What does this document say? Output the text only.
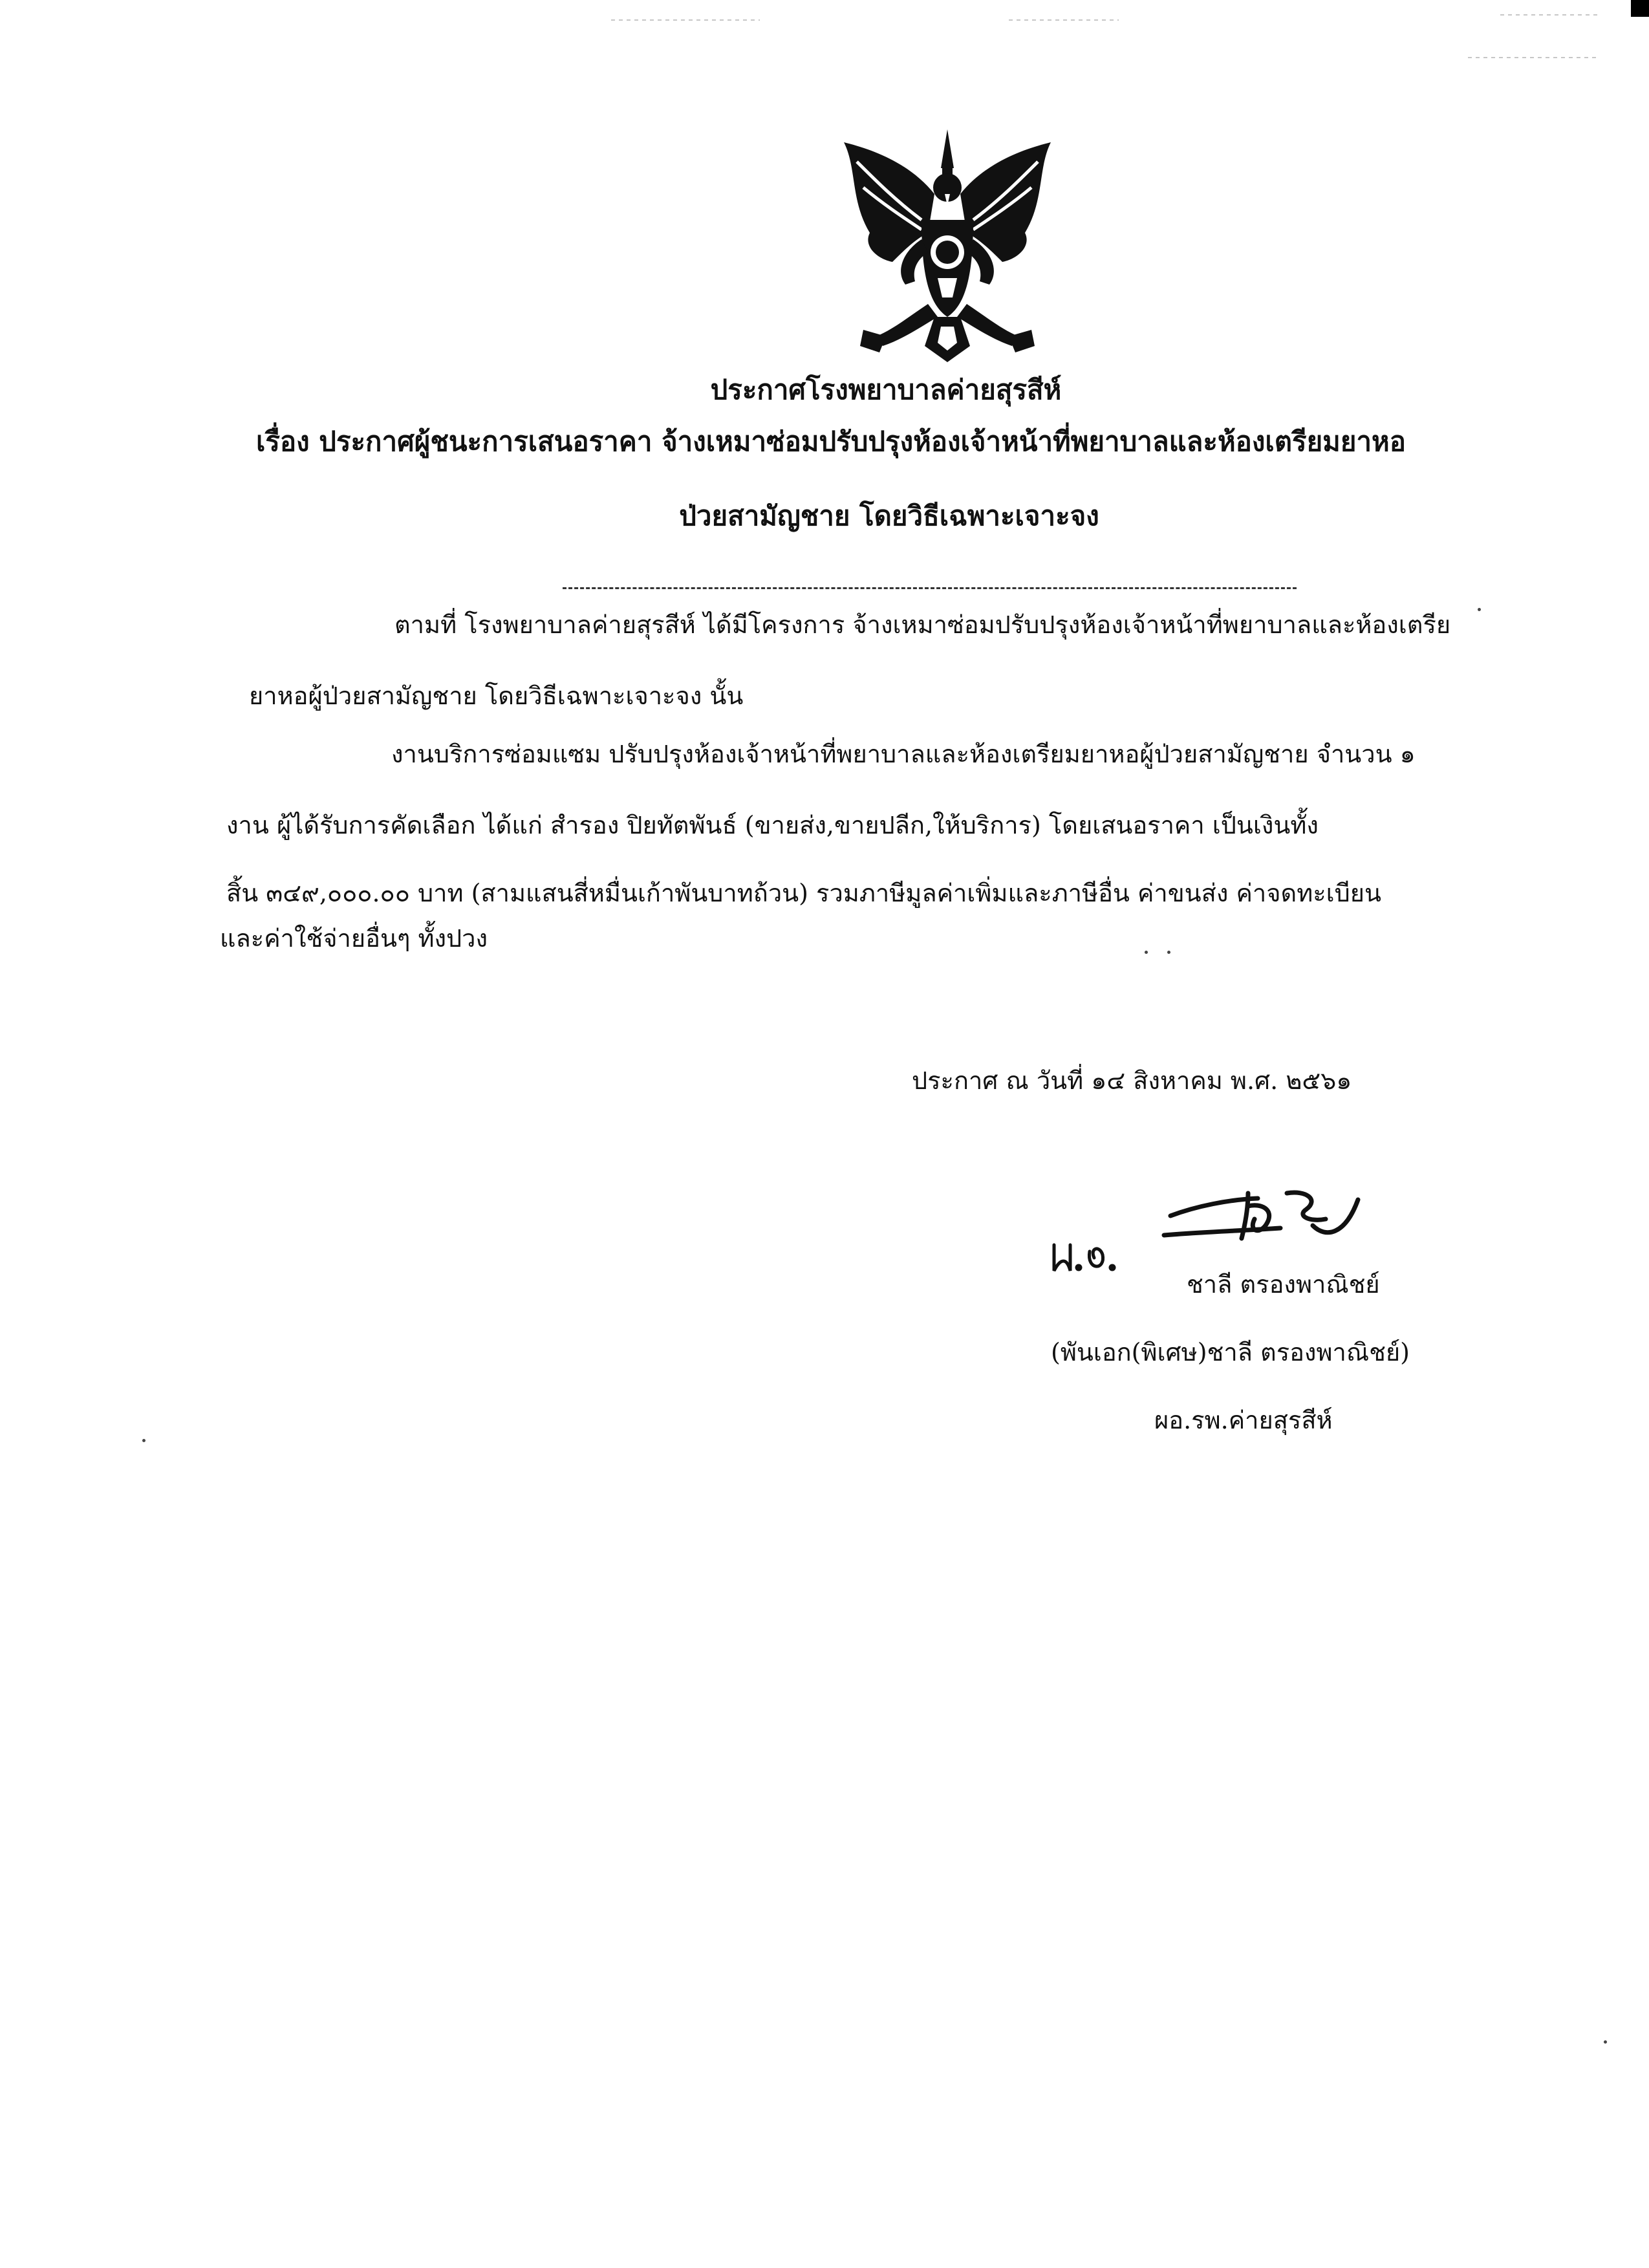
ประกาศโรงพยาบาลค่ายสุรสีห์
เรื่อง ประกาศผู้ชนะการเสนอราคา จ้างเหมาซ่อมปรับปรุงห้องเจ้าหน้าที่พยาบาลและห้องเตรียมยาหอ
ป่วยสามัญชาย โดยวิธีเฉพาะเจาะจง
ตามที่ โรงพยาบาลค่ายสุรสีห์ ได้มีโครงการ จ้างเหมาซ่อมปรับปรุงห้องเจ้าหน้าที่พยาบาลและห้องเตรีย
ยาหอผู้ป่วยสามัญชาย โดยวิธีเฉพาะเจาะจง นั้น
งานบริการซ่อมแซม ปรับปรุงห้องเจ้าหน้าที่พยาบาลและห้องเตรียมยาหอผู้ป่วยสามัญชาย จำนวน ๑
งาน ผู้ได้รับการคัดเลือก ได้แก่ สำรอง ปิยทัตพันธ์ (ขายส่ง,ขายปลีก,ให้บริการ) โดยเสนอราคา เป็นเงินทั้ง
สิ้น ๓๔๙,๐๐๐.๐๐ บาท (สามแสนสี่หมื่นเก้าพันบาทถ้วน) รวมภาษีมูลค่าเพิ่มและภาษีอื่น ค่าขนส่ง ค่าจดทะเบียน
และค่าใช้จ่ายอื่นๆ ทั้งปวง
ประกาศ ณ วันที่ ๑๔ สิงหาคม พ.ศ. ๒๕๖๑
ชาลี ตรองพาณิชย์
(พันเอก(พิเศษ)ชาลี ตรองพาณิชย์)
ผอ.รพ.ค่ายสุรสีห์
